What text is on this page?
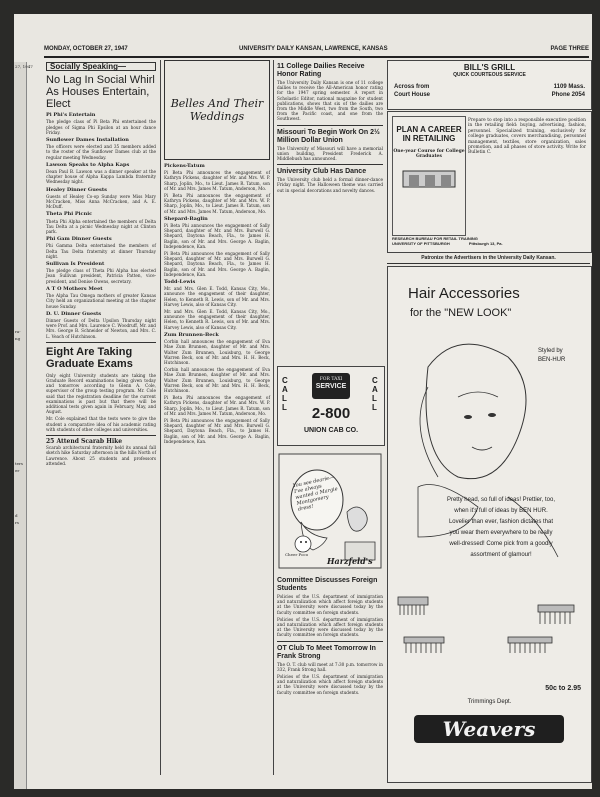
27, 1947
ra-
ng
ters
er
d
rs
MONDAY, OCTOBER 27, 1947	UNIVERSITY DAILY KANSAN, LAWRENCE, KANSAS	PAGE THREE
Socially Speaking—
No Lag In Social Whirl As Houses Entertain, Elect
Pi Phi's Entertain

The pledge class of Pi Beta Phi entertained the pledges of Sigma Phi Epsilon at an hour dance Friday.

Sunflower Dames Installation

The officers were elected and 35 members added to the roster of the Sunflower Dames club at the regular meeting Wednesday.

Lawson Speaks to Alpha Kaps

Dean Paul B. Lawson was a dinner speaker at the chapter house of Alpha Kappa Lambda fraternity Wednesday night.

Healey Dinner Guests

Guests of Healey Co-op Sunday were Miss Mary McCracken, Miss Anna McCracken, and A. E. McDuff.

Theta Phi Picnic

Theta Phi Alpha entertained the members of Delta Tau Delta at a picnic Wednesday night at Clinton park.

Phi Gam Dinner Guests

Phi Gamma Delta entertained the members of Delta Tau Delta fraternity at dinner Thursday night.

Sullivan Is President

The pledge class of Theta Phi Alpha has elected Jean Sullivan president, Patricia Patten, vice-president, and Denise Owens, secretary.

A T O Mothers Meet

The Alpha Tau Omega mothers of greater Kansas City held an organizational meeting at the chapter house Sunday.

D. U. Dinner Guests

Dinner Guests of Delta Upsilon Thursday night were Prof. and Mrs. Laurence C. Woodruff, Mr. and Mrs. George B. Schneider of Newton, and Mrs. C. L. Veach of Hutchinson.

Eight Are Taking Graduate Exams

Only eight University students are taking the Graduate Record examinations being given today and tomorrow according to Glenn A. Cole, supervisor of the group testing program. Mr. Cole said that the registration deadline for the current examinations is past but that there will be additional tests given again in February, May, and August.

Mr. Cole explained that the tests were to give the student a comparative idea of his academic rating with students of other colleges and universities.

25 Attend Scarab Hike

Scarab architectural fraternity held its annual fall sketch hike Saturday afternoon in the hills North of Lawrence. About 25 students and professors attended.

Belles And Their Weddings
Pickens-Tatum

Pi Beta Phi announces the engagement of Kathryn Pickens, daughter of Mr. and Mrs. W. P. Sharp, Joplin, Mo., to Lieut. James R. Tatum, son of Mr. and Mrs. James M. Tatum, Anderson, Mo.

Pi Beta Phi announces the engagement of Kathryn Pickens, daughter of Mr. and Mrs. W. P. Sharp, Joplin, Mo., to Lieut. James R. Tatum, son of Mr. and Mrs. James M. Tatum, Anderson, Mo.

Shepard-Baglin

Pi Beta Phi announces the engagement of Sally Shepard, daughter of Mr. and Mrs. Burwell G. Shepard, Daytona Beach, Fla., to James H. Baglin, son of Mr. and Mrs. George A. Baglin, Independence, Kan.

Pi Beta Phi announces the engagement of Sally Shepard, daughter of Mr. and Mrs. Burwell G. Shepard, Daytona Beach, Fla., to James H. Baglin, son of Mr. and Mrs. George A. Baglin, Independence, Kan.

Todd-Lewis

Mr. and Mrs. Glen E. Todd, Kansas City, Mo., announce the engagement of their daughter, Helen, to Kenneth R. Lewis, son of Mr. and Mrs. Harvey Lewis, also of Kansas City.

Mr. and Mrs. Glen E. Todd, Kansas City, Mo., announce the engagement of their daughter, Helen, to Kenneth R. Lewis, son of Mr. and Mrs. Harvey Lewis, also of Kansas City.

Zum Brunnen-Beck

Corbin hall announces the engagement of Eva Mae Zum Brunnen, daughter of Mr. and Mrs. Walter Zum Brunnen, Louisburg, to George Warren Beck, son of Mr. and Mrs. H. H. Beck, Hutchinson.

Corbin hall announces the engagement of Eva Mae Zum Brunnen, daughter of Mr. and Mrs. Walter Zum Brunnen, Louisburg, to George Warren Beck, son of Mr. and Mrs. H. H. Beck, Hutchinson.

Pi Beta Phi announces the engagement of Kathryn Pickens, daughter of Mr. and Mrs. W. P. Sharp, Joplin, Mo., to Lieut. James R. Tatum, son of Mr. and Mrs. James M. Tatum, Anderson, Mo.

Pi Beta Phi announces the engagement of Sally Shepard, daughter of Mr. and Mrs. Burwell G. Shepard, Daytona Beach, Fla., to James H. Baglin, son of Mr. and Mrs. George A. Baglin, Independence, Kan.

11 College Dailies Receive Honor Rating

The University Daily Kansan is one of 11 college dailies to receive the All-American honor rating for the 1947 spring semester. A report in Scholastic Editor, national magazine for student publications, shows that six of the dailies are from the Middle West, two from the South, two from the Pacific coast, and one from the Southwest.

Missouri To Begin Work On 2½ Million Dollar Union

The University of Missouri will have a memorial union building, President Frederick A. Middlebush has announced.

University Club Has Dance

The University club held a formal dinner-dance Friday night. The Halloween theme was carried out in special decorations and novelty dances.

CALL
CALL
FOR TAXI
SERVICE
2-800
UNION CAB CO.
Committee Discusses Foreign Students

Policies of the U.S. department of immigration and naturalization which affect foreign students at the University were discussed today by the faculty committee on foreign students.

Policies of the U.S. department of immigration and naturalization which affect foreign students at the University were discussed today by the faculty committee on foreign students.

OT Club To Meet Tomorrow In Frank Strong

The O. T. club will meet at 7:30 p.m. tomorrow in 332, Frank Strong hall.

Policies of the U.S. department of immigration and naturalization which affect foreign students at the University were discussed today by the faculty committee on foreign students.

You see dearie— I've always wanted a Margie Montgomery dress!
Cheer Poco
Harzfeld's
BILL'S GRILL
QUICK COURTEOUS SERVICE
Across from
Court House
1109 Mass.
Phone 2054
PLAN A CAREER IN RETAILING
One-year Course for College Graduates
Prepare to step into a responsible executive position in the retailing field: buying, advertising, fashion, personnel. Specialized training, exclusively for college graduates, covers merchandising, personnel management, textiles, store organization, sales promotion, and all phases of store activity. Write for Bulletin C.
RESEARCH BUREAU FOR RETAIL TRAINING
UNIVERSITY OF PITTSBURGH	Pittsburgh 13, Pa.
Patronize the Advertisers in the University Daily Kansan.
Hair Accessories
for the "NEW LOOK"
Styled by
BEN-HUR
Pretty head, so full of ideas! Prettier, too, when it's full of ideas by BEN HUR. Lovelier than ever, fashion dictates that you wear them everywhere to be really well-dressed! Come pick from a goodly assortment of glamour!
50c to 2.95
Trimmings Dept.
Weavers
